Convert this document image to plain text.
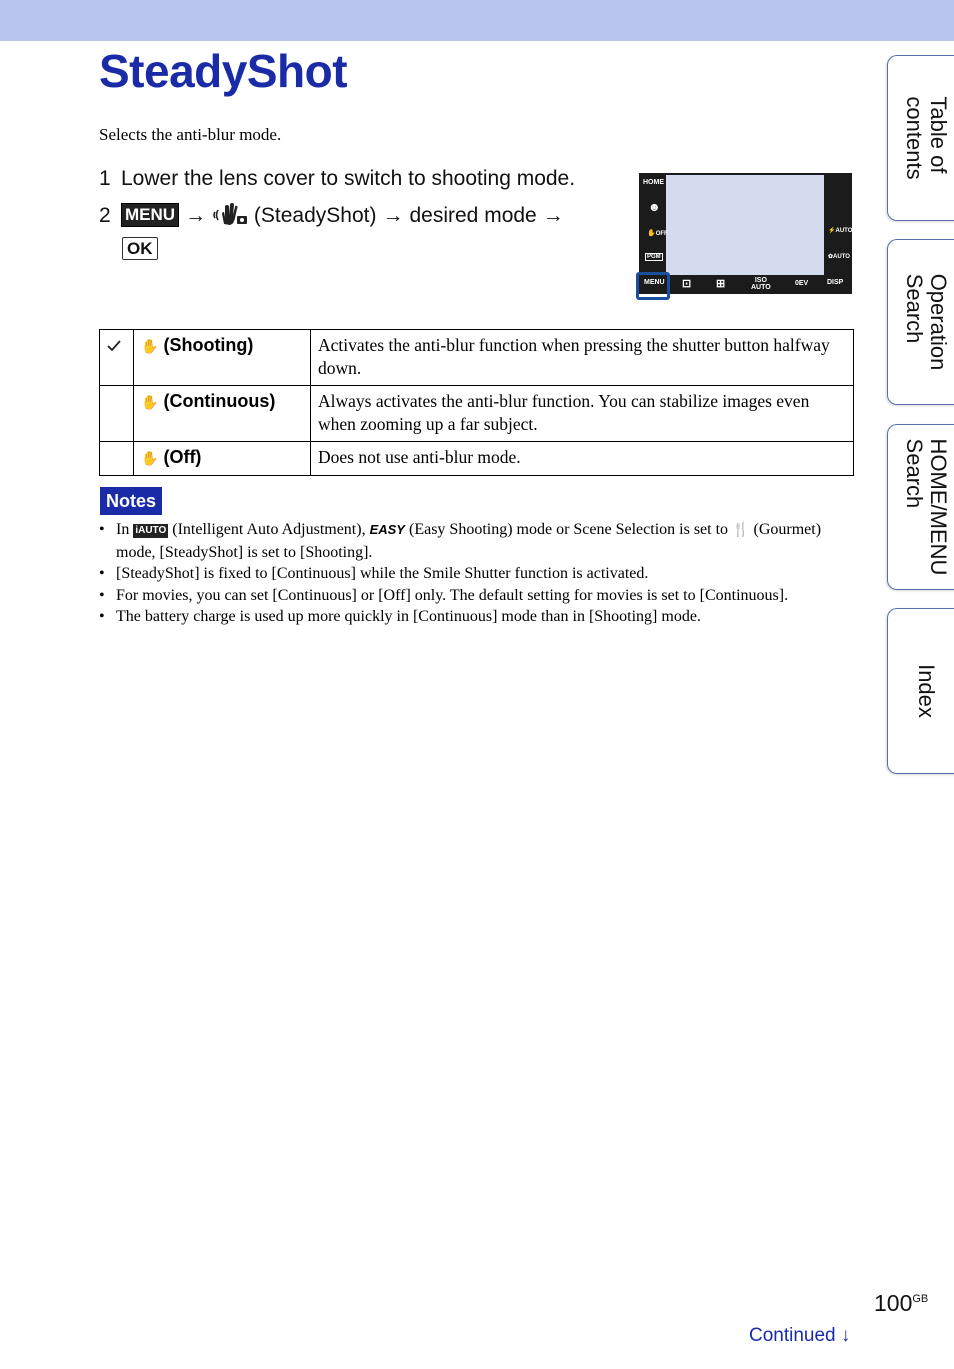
SteadyShot
Selects the anti-blur mode.
1 Lower the lens cover to switch to shooting mode.
2 MENU → (SteadyShot) → desired mode →
OK
HOME
☻
✋OFF
PGM
MENU ⊡ ⊞	ISO
AUTO
0EV	DISP
⚡AUTO
✿AUTO
	✋ (Shooting)	Activates the anti-blur function when pressing the shutter button halfway down.
	✋ (Continuous)	Always activates the anti-blur function. You can stabilize images even when zooming up a far subject.
	✋ (Off)	Does not use anti-blur mode.
Notes
• In iAUTO (Intelligent Auto Adjustment), EASY (Easy Shooting) mode or Scene Selection is set to 🍴 (Gourmet) mode, [SteadyShot] is set to [Shooting].
• [SteadyShot] is fixed to [Continuous] while the Smile Shutter function is activated.
• For movies, you can set [Continuous] or [Off] only. The default setting for movies is set to [Continuous].
• The battery charge is used up more quickly in [Continuous] mode than in [Shooting] mode.
Table of
contents
Operation
Search
HOME/MENU
Search
Index
$100^{GB}$
Continued ↓
